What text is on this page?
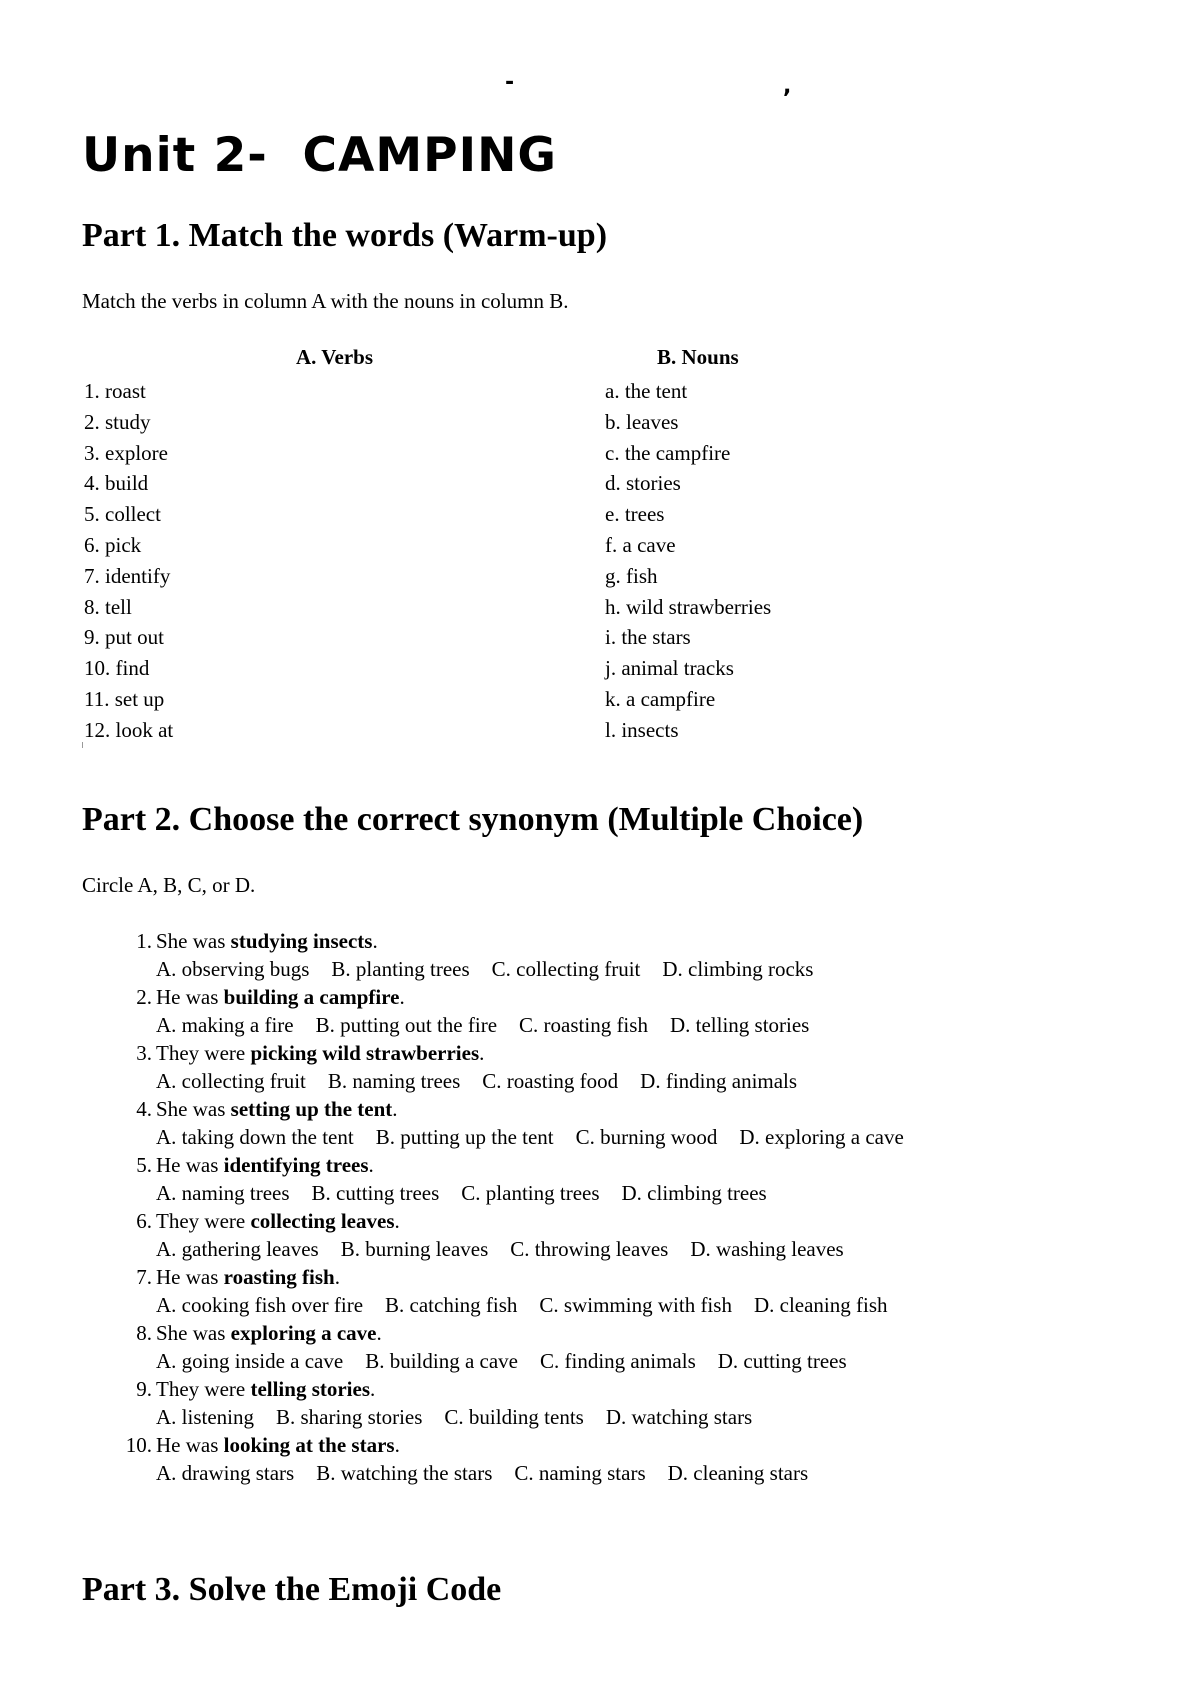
-	,
Unit 2-  CAMPING
Part 1. Match the words (Warm-up)

Match the verbs in column A with the nouns in column B.

A. Verbs	B. Nouns
1. roast
2. study
3. explore
4. build
5. collect
6. pick
7. identify
8. tell
9. put out
10. find
11. set up
12. look at
a. the tent
b. leaves
c. the campfire
d. stories
e. trees
f. a cave
g. fish
h. wild strawberries
i. the stars
j. animal tracks
k. a campfire
l. insects
Part 2. Choose the correct synonym (Multiple Choice)

Circle A, B, C, or D.

1. She was studying insects.
A. observing bugs B. planting trees C. collecting fruit D. climbing rocks
2. He was building a campfire.
A. making a fire B. putting out the fire C. roasting fish D. telling stories
3. They were picking wild strawberries.
A. collecting fruit B. naming trees C. roasting food D. finding animals
4. She was setting up the tent.
A. taking down the tent B. putting up the tent C. burning wood D. exploring a cave
5. He was identifying trees.
A. naming trees B. cutting trees C. planting trees D. climbing trees
6. They were collecting leaves.
A. gathering leaves B. burning leaves C. throwing leaves D. washing leaves
7. He was roasting fish.
A. cooking fish over fire B. catching fish C. swimming with fish D. cleaning fish
8. She was exploring a cave.
A. going inside a cave B. building a cave C. finding animals D. cutting trees
9. They were telling stories.
A. listening B. sharing stories C. building tents D. watching stars
10. He was looking at the stars.
A. drawing stars B. watching the stars C. naming stars D. cleaning stars
Part 3. Solve the Emoji Code
